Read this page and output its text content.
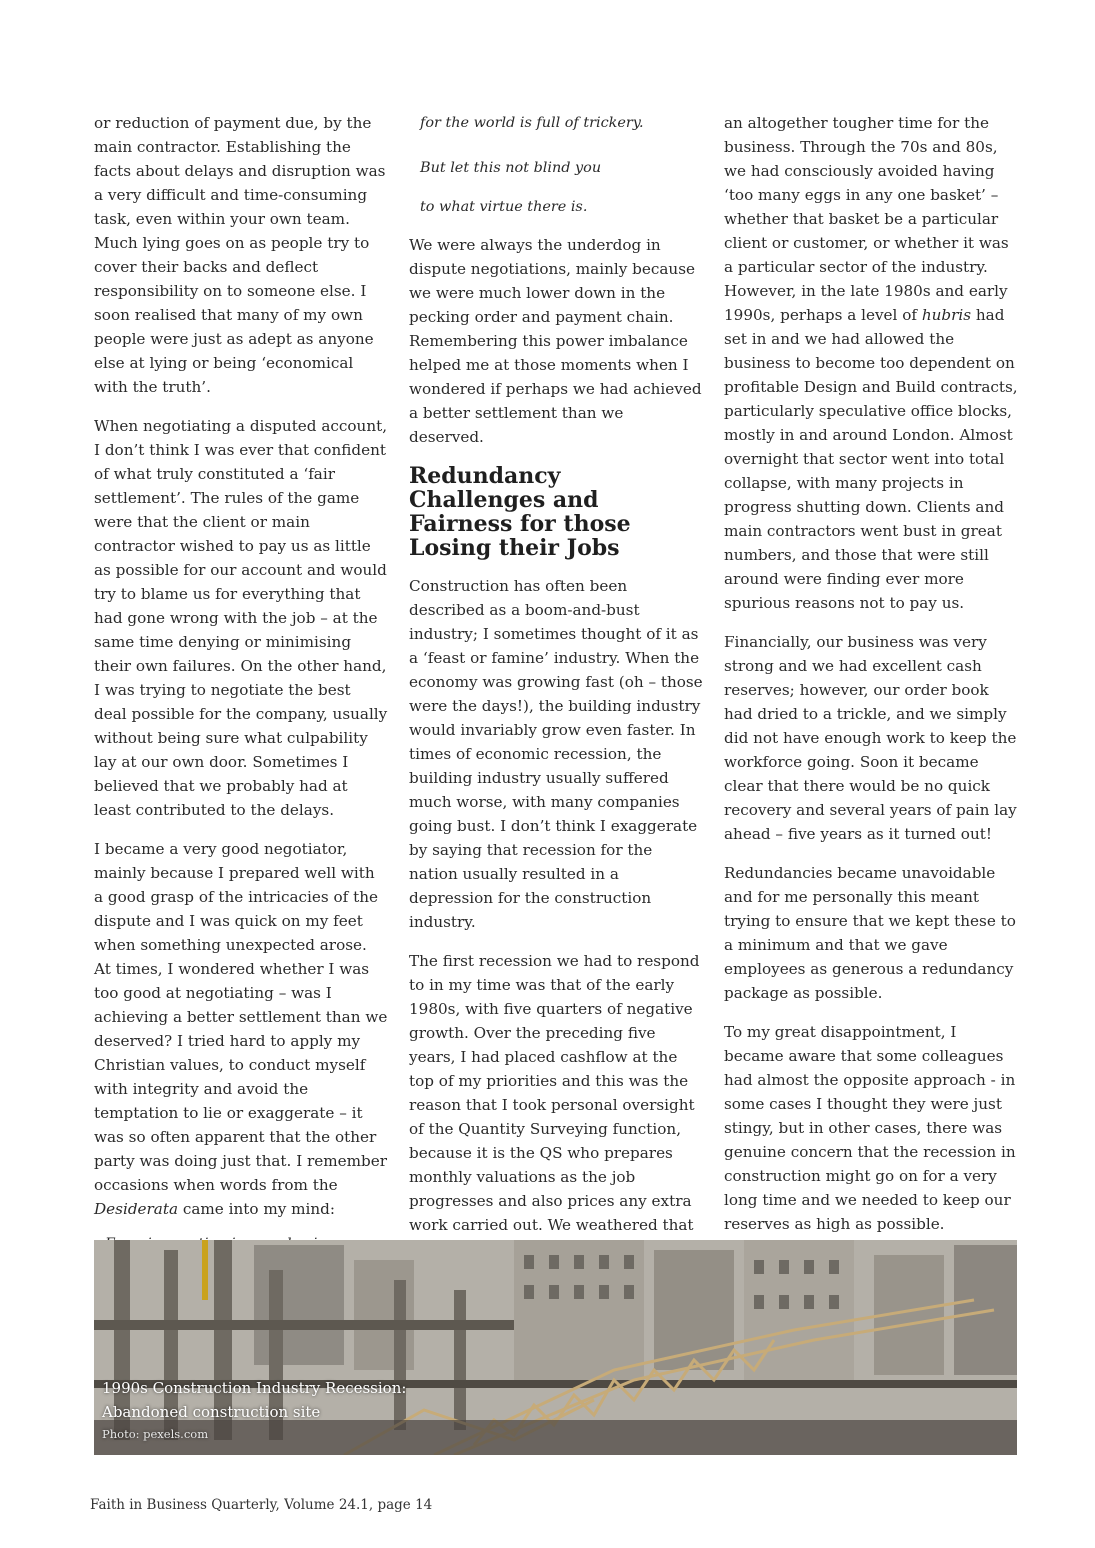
or reduction of payment due, by the main contractor. Establishing the facts about delays and disruption was a very difficult and time-consuming task, even within your own team. Much lying goes on as people try to cover their backs and deflect responsibility on to someone else. I soon realised that many of my own people were just as adept as anyone else at lying or being ‘economical with the truth’.

When negotiating a disputed account, I don’t think I was ever that confident of what truly constituted a ‘fair settlement’. The rules of the game were that the client or main contractor wished to pay us as little as possible for our account and would try to blame us for everything that had gone wrong with the job – at the same time denying or minimising their own failures. On the other hand, I was trying to negotiate the best deal possible for the company, usually without being sure what culpability lay at our own door. Sometimes I believed that we probably had at least contributed to the delays.

I became a very good negotiator, mainly because I prepared well with a good grasp of the intricacies of the dispute and I was quick on my feet when something unexpected arose. At times, I wondered whether I was too good at negotiating – was I achieving a better settlement than we deserved? I tried hard to apply my Christian values, to conduct myself with integrity and avoid the temptation to lie or exaggerate – it was so often apparent that the other party was doing just that. I remember occasions when words from the Desiderata came into my mind:

for the world is full of trickery.

But let this not blind you

to what virtue there is.

We were always the underdog in dispute negotiations, mainly because we were much lower down in the pecking order and payment chain. Remembering this power imbalance helped me at those moments when I wondered if perhaps we had achieved a better settlement than we deserved.

Redundancy Challenges and Fairness for those Losing their Jobs

Construction has often been described as a boom-and-bust industry; I sometimes thought of it as a ‘feast or famine’ industry. When the economy was growing fast (oh – those were the days!), the building industry would invariably grow even faster. In times of economic recession, the building industry usually suffered much worse, with many companies going bust. I don’t think I exaggerate by saying that recession for the nation usually resulted in a depression for the construction industry.

The first recession we had to respond to in my time was that of the early 1980s, with five quarters of negative growth. Over the preceding five years, I had placed cashflow at the top of my priorities and this was the reason that I took personal oversight of the Quantity Surveying function, because it is the QS who prepares monthly valuations as the job progresses and also prices any extra work carried out. We weathered that

an altogether tougher time for the business. Through the 70s and 80s, we had consciously avoided having ‘too many eggs in any one basket’ – whether that basket be a particular client or customer, or whether it was a particular sector of the industry. However, in the late 1980s and early 1990s, perhaps a level of hubris had set in and we had allowed the business to become too dependent on profitable Design and Build contracts, particularly speculative office blocks, mostly in and around London. Almost overnight that sector went into total collapse, with many projects in progress shutting down. Clients and main contractors went bust in great numbers, and those that were still around were finding ever more spurious reasons not to pay us.

Financially, our business was very strong and we had excellent cash reserves; however, our order book had dried to a trickle, and we simply did not have enough work to keep the workforce going. Soon it became clear that there would be no quick recovery and several years of pain lay ahead – five years as it turned out!

Redundancies became unavoidable and for me personally this meant trying to ensure that we kept these to a minimum and that we gave employees as generous a redundancy package as possible.

To my great disappointment, I became aware that some colleagues had almost the opposite approach - in some cases I thought they were just stingy, but in other cases, there was genuine concern that the recession in construction might go on for a very long time and we needed to keep our reserves as high as possible.

1990s Construction Industry Recession:
Abandoned construction site
Photo: pexels.com
Faith in Business Quarterly, Volume 24.1, page 14
